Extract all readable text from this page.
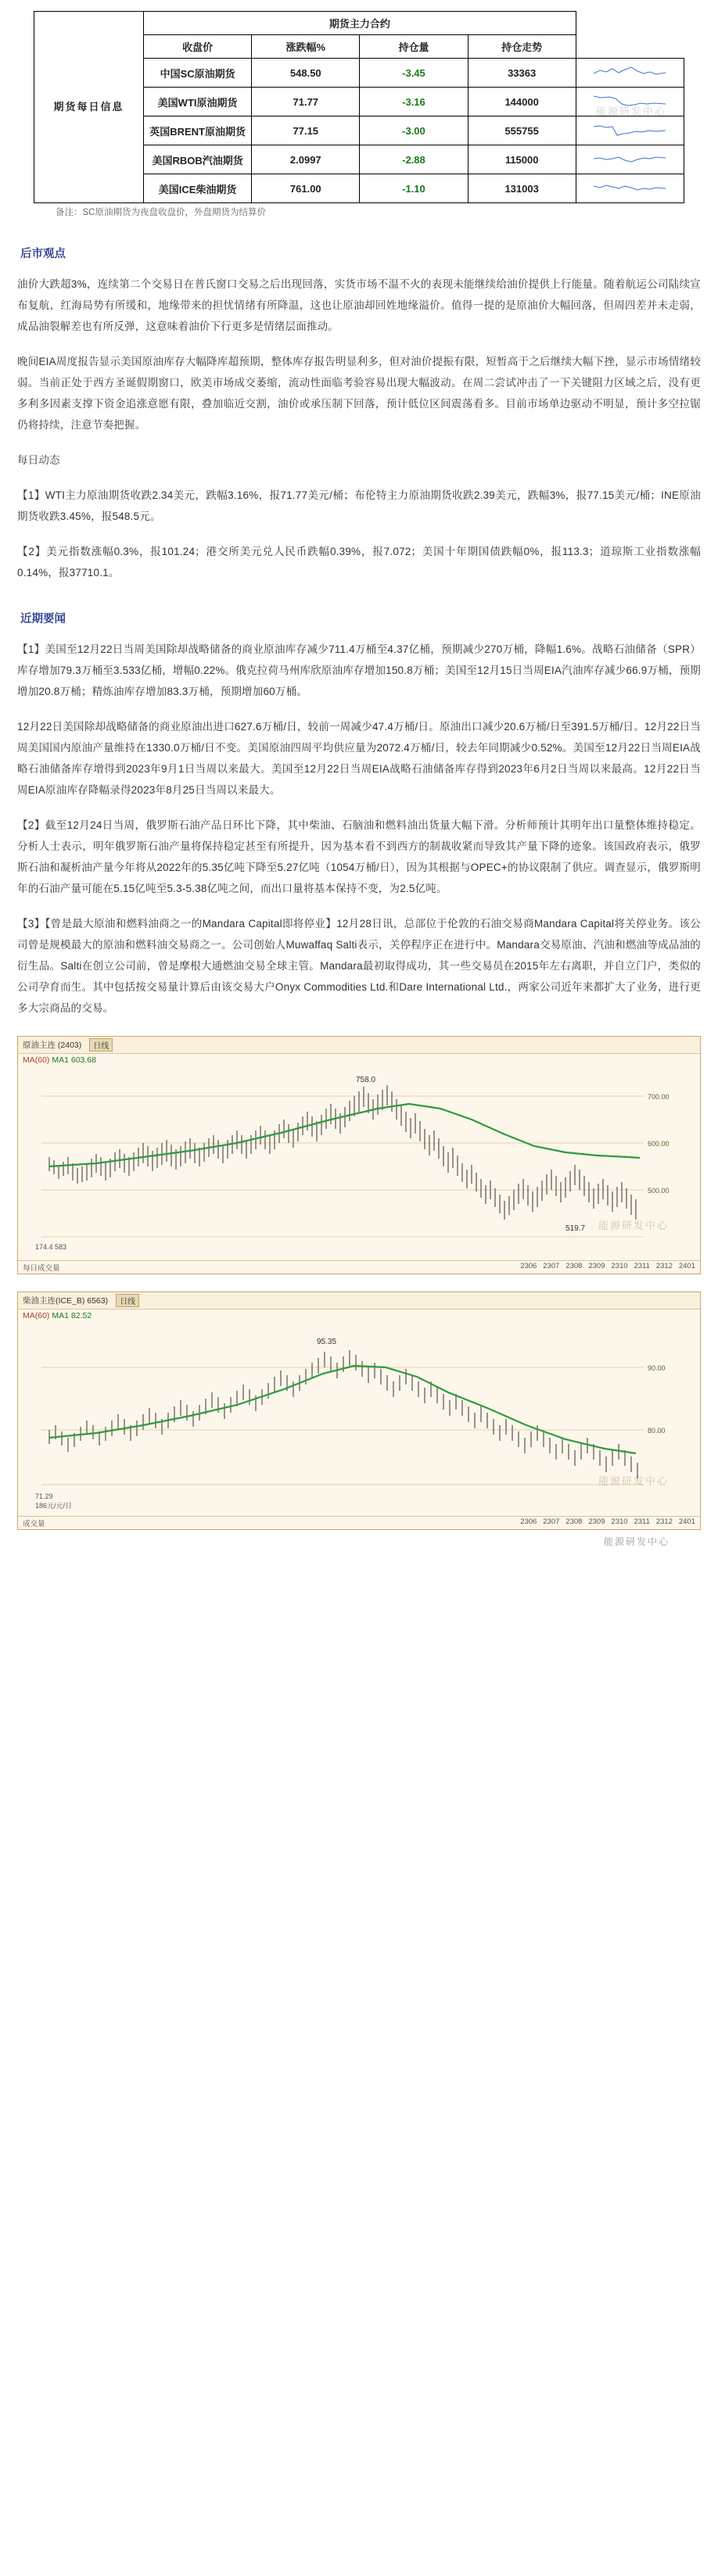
期货每日信息	期货主力合约				
	收盘价	涨跌幅%	持仓量	持仓走势	
	中国SC原油期货	548.50	-3.45	33363	

	美国WTI原油期货	71.77	-3.16	144000	

	英国BRENT原油期货	77.15	-3.00	555755	

	美国RBOB汽油期货	2.0997	-2.88	115000	

	美国ICE柴油期货	761.00	-1.10	131003	
能源研发中心
备注：SC原油期货为夜盘收盘价，外盘期货为结算价
后市观点

油价大跌超3%，连续第二个交易日在普氏窗口交易之后出现回落，实货市场不温不火的表现未能继续给油价提供上行能量。随着航运公司陆续宣布复航，红海局势有所缓和，地缘带来的担忧情绪有所降温，这也让原油却回姓地缘溢价。值得一提的是原油价大幅回落，但周四差并未走弱，成品油裂解差也有所反弹，这意味着油价下行更多是情绪层面推动。

晚间EIA周度报告显示美国原油库存大幅降库超预期，整体库存报告明显利多，但对油价提振有限，短暂高于之后继续大幅下挫，显示市场情绪较弱。当前正处于西方圣诞假期窗口，欧美市场成交萎缩，流动性面临考验容易出现大幅波动。在周二尝试冲击了一下关键阻力区域之后，没有更多利多因素支撑下资金追涨意愿有限，叠加临近交割，油价或承压制下回落，预计低位区间震荡看多。目前市场单边驱动不明显，预计多空拉锯仍将持续，注意节奏把握。

每日动态

【1】WTI主力原油期货收跌2.34美元，跌幅3.16%，报71.77美元/桶；布伦特主力原油期货收跌2.39美元，跌幅3%，报77.15美元/桶；INE原油期货收跌3.45%，报548.5元。

【2】美元指数涨幅0.3%，报101.24；港交所美元兑人民币跌幅0.39%，报7.072；美国十年期国债跌幅0%，报113.3；道琼斯工业指数涨幅0.14%，报37710.1。

近期要闻

【1】美国至12月22日当周美国除却战略储备的商业原油库存减少711.4万桶至4.37亿桶，预期减少270万桶，降幅1.6%。战略石油储备（SPR）库存增加79.3万桶至3.533亿桶，增幅0.22%。俄克拉荷马州库欣原油库存增加150.8万桶；美国至12月15日当周EIA汽油库存减少66.9万桶，预期增加20.8万桶；精炼油库存增加83.3万桶，预期增加60万桶。

12月22日美国除却战略储备的商业原油出进口627.6万桶/日，较前一周减少47.4万桶/日。原油出口减少20.6万桶/日至391.5万桶/日。12月22日当周美国国内原油产量维持在1330.0万桶/日不变。美国原油四周平均供应量为2072.4万桶/日，较去年同期减少0.52%。美国至12月22日当周EIA战略石油储备库存增得到2023年9月1日当周以来最大。美国至12月22日当周EIA战略石油储备库存得到2023年6月2日当周以来最高。12月22日当周EIA原油库存降幅录得2023年8月25日当周以来最大。

【2】截至12月24日当周，俄罗斯石油产品日环比下降，其中柴油、石脑油和燃料油出货量大幅下滑。分析师预计其明年出口量整体维持稳定。分析人士表示，明年俄罗斯石油产量将保持稳定甚至有所提升，因为基本看不到西方的制裁收紧而导致其产量下降的迹象。该国政府表示，俄罗斯石油和凝析油产量今年将从2022年的5.35亿吨下降至5.27亿吨（1054万桶/日），因为其根据与OPEC+的协议限制了供应。调查显示，俄罗斯明年的石油产量可能在5.15亿吨至5.3-5.38亿吨之间，而出口量将基本保持不变，为2.5亿吨。

【3】【曾是最大原油和燃料油商之一的Mandara Capital即将停业】12月28日讯，总部位于伦敦的石油交易商Mandara Capital将关停业务。该公司曾是规模最大的原油和燃料油交易商之一。公司创始人Muwaffaq Salti表示，关停程序正在进行中。Mandara交易原油、汽油和燃油等成品油的衍生品。Salti在创立公司前，曾是摩根大通燃油交易全球主管。Mandara最初取得成功，其一些交易员在2015年左右离职，并自立门户，类似的公司孕育而生。其中包括按交易量计算后由该交易大户Onyx Commodities Ltd.和Dare International Ltd.，两家公司近年来都扩大了业务，进行更多大宗商品的交易。

原油主连 (2403)	日线
MA(60) MA1 603.68
700.00
600.00
500.00
758.0
519.7
174.4 583
能源研发中心
每日成交量	2306   2307   2308   2309   2310   2311   2312   2401
柴油主连(ICE_B) 6563)	日线
MA(60) MA1 82.52
90.00
80.00
95.35
71.29
186元/元/日
能源研发中心
成交量	2306   2307   2308   2309   2310   2311   2312   2401
能源研发中心
